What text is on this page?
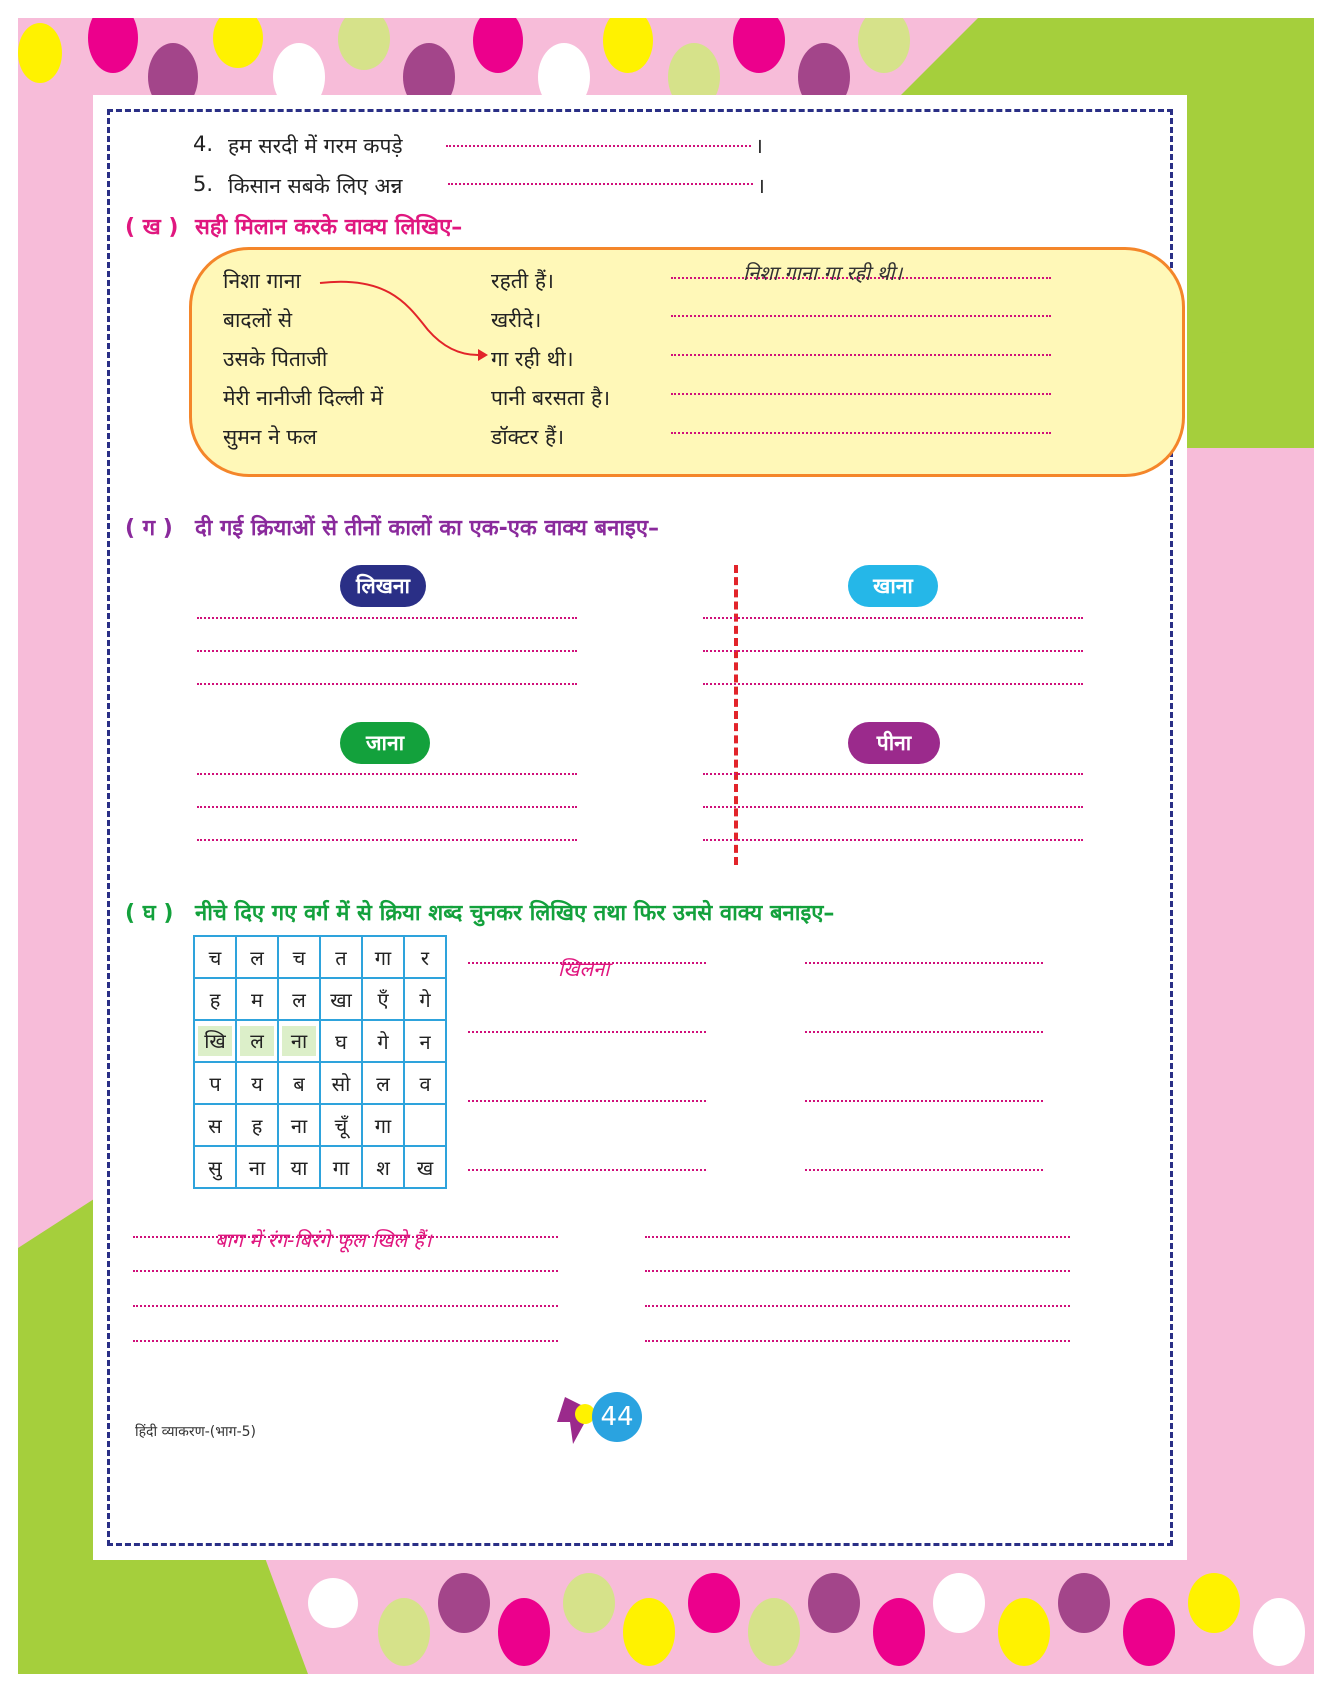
4. हम सरदी में गरम कपड़े	।
5. किसान सबके लिए अन्न	।
( ख ) सही मिलान करके वाक्य लिखिए–
निशा गाना
बादलों से
उसके पिताजी
मेरी नानीजी दिल्ली में
सुमन ने फल
रहती हैं।
खरीदे।
गा रही थी।
पानी बरसता है।
डॉक्टर हैं।
निशा गाना गा रही थी।
( ग ) दी गई क्रियाओं से तीनों कालों का एक-एक वाक्य बनाइए–
लिखना	खाना
जाना	पीना
( घ ) नीचे दिए गए वर्ग में से क्रिया शब्द चुनकर लिखिए तथा फिर उनसे वाक्य बनाइए–
च	ल	च	त	गा	र
ह	म	ल	खा	एँ	गे
खि	ल	ना	घ	गे	न
प	य	ब	सो	ल	व
स	ह	ना	चूँ	गा	
सु	ना	या	गा	श	ख
खिलना
बाग में रंग-बिरंगे फूल खिले हैं।
44
हिंदी व्याकरण-(भाग-5)
